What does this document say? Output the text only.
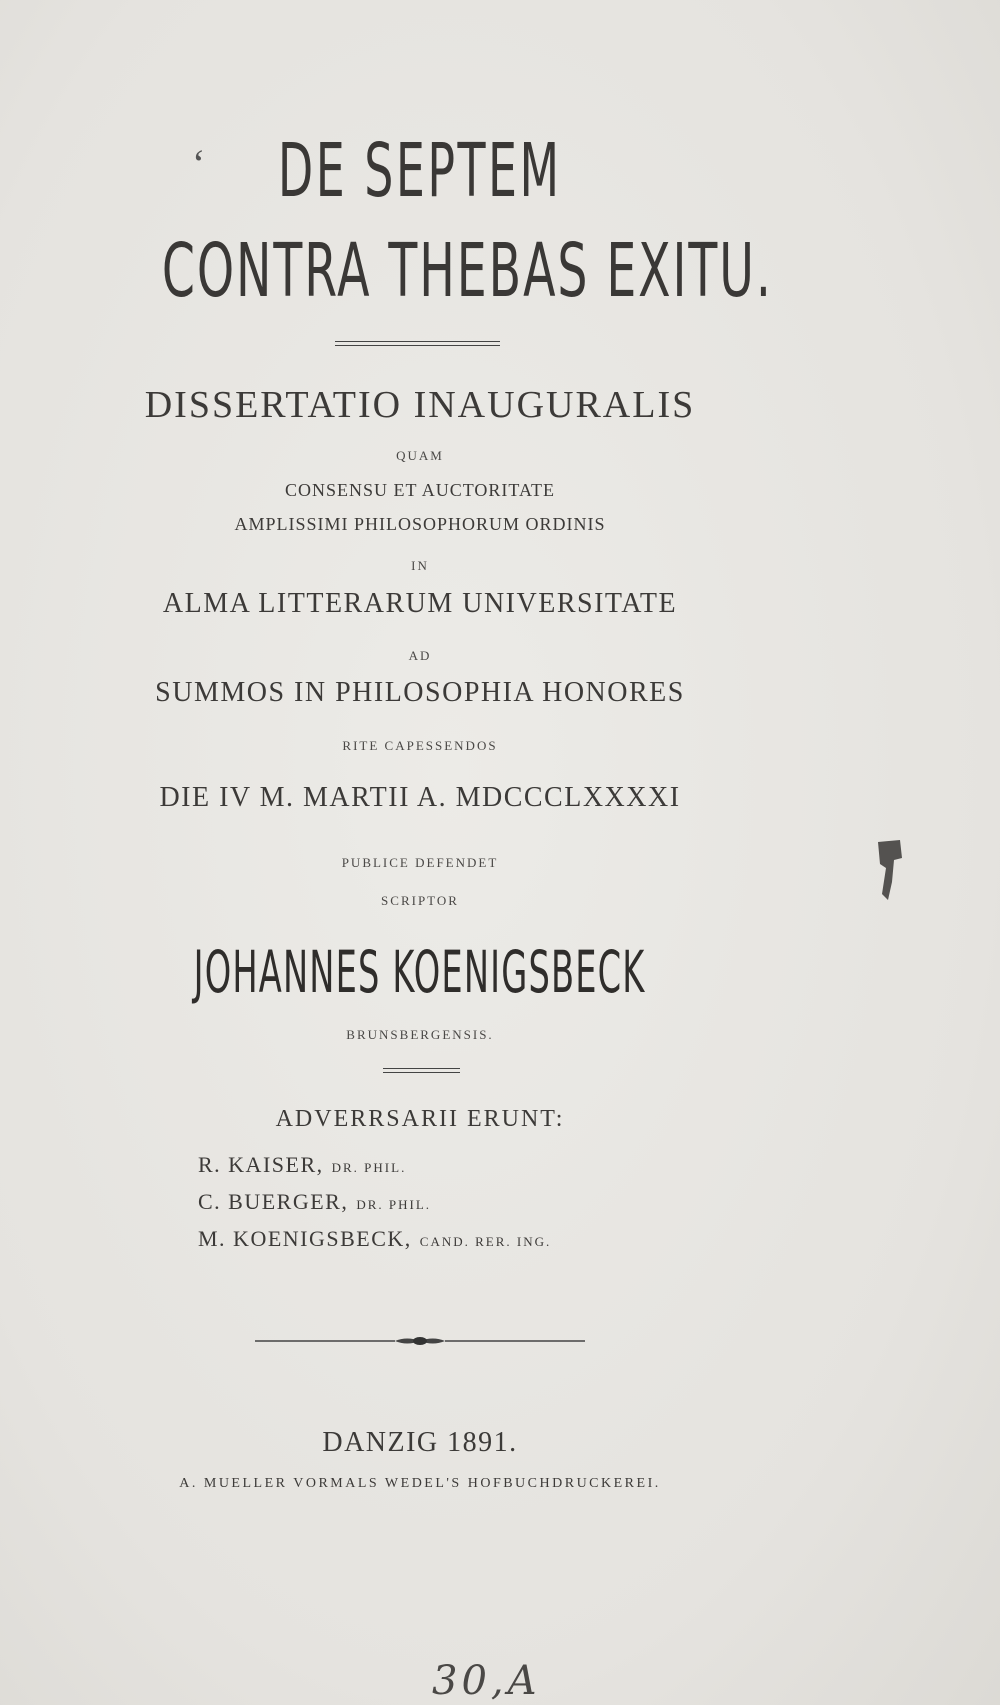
‘ DE SEPTEM
CONTRA THEBAS EXITU.
DISSERTATIO INAUGURALIS
QUAM
CONSENSU ET AUCTORITATE
AMPLISSIMI PHILOSOPHORUM ORDINIS
IN
ALMA LITTERARUM UNIVERSITATE
AD
SUMMOS IN PHILOSOPHIA HONORES
RITE CAPESSENDOS
DIE IV M. MARTII A. MDCCCLXXXXI
PUBLICE DEFENDET
SCRIPTOR
JOHANNES KOENIGSBECK
BRUNSBERGENSIS.
ADVERRSARII ERUNT:
R. KAISER, DR. PHIL.
C. BUERGER, DR. PHIL.
M. KOENIGSBECK, CAND. RER. ING.
DANZIG 1891.
A. MUELLER VORMALS WEDEL'S HOFBUCHDRUCKEREI.
30,A
